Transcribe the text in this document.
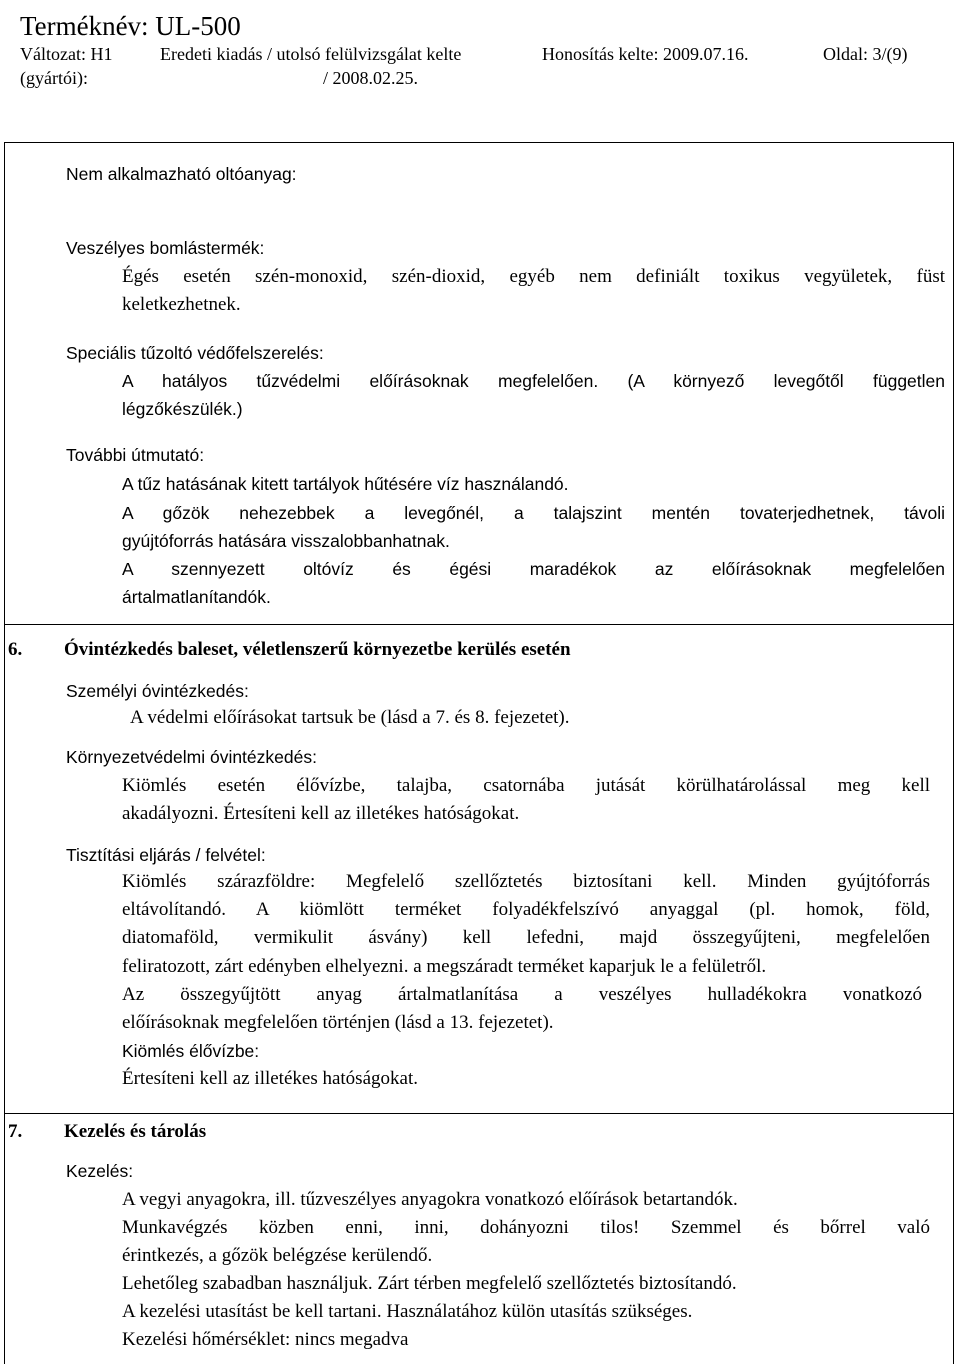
Terméknév: UL-500
Változat: H1	Eredeti kiadás / utolsó felülvizsgálat kelte	Honosítás kelte: 2009.07.16.	Oldal: 3/(9)
(gyártói):	/ 2008.02.25.
Nem alkalmazható oltóanyag:
Veszélyes bomlástermék:
Égés esetén szén-monoxid, szén-dioxid, egyéb nem definiált toxikus vegyületek, füst
keletkezhetnek.
Speciális tűzoltó védőfelszerelés:
A hatályos tűzvédelmi előírásoknak megfelelően. (A környező levegőtől független
légzőkészülék.)
További útmutató:
A tűz hatásának kitett tartályok hűtésére víz használandó.
A gőzök nehezebbek a levegőnél, a talajszint mentén tovaterjedhetnek, távoli
gyújtóforrás hatására visszalobbanhatnak.
A szennyezett oltóvíz és égési maradékok az előírásoknak megfelelően
ártalmatlanítandók.
6. Óvintézkedés baleset, véletlenszerű környezetbe kerülés esetén
Személyi óvintézkedés:
A védelmi előírásokat tartsuk be (lásd a 7. és 8. fejezetet).
Környezetvédelmi óvintézkedés:
Kiömlés esetén élővízbe, talajba, csatornába jutását körülhatárolással meg kell
akadályozni. Értesíteni kell az illetékes hatóságokat.
Tisztítási eljárás / felvétel:
Kiömlés szárazföldre: Megfelelő szellőztetés biztosítani kell. Minden gyújtóforrás
eltávolítandó. A kiömlött terméket folyadékfelszívó anyaggal (pl. homok, föld,
diatomaföld, vermikulit ásvány) kell lefedni, majd összegyűjteni, megfelelően
feliratozott, zárt edényben elhelyezni. a megszáradt terméket kaparjuk le a felületről.
Az összegyűjtött anyag ártalmatlanítása a veszélyes hulladékokra vonatkozó
előírásoknak megfelelően történjen (lásd a 13. fejezetet).
Kiömlés élővízbe:
Értesíteni kell az illetékes hatóságokat.
7. Kezelés és tárolás
Kezelés:
A vegyi anyagokra, ill. tűzveszélyes anyagokra vonatkozó előírások betartandók.
Munkavégzés közben enni, inni, dohányozni tilos! Szemmel és bőrrel való
érintkezés, a gőzök belégzése kerülendő.
Lehetőleg szabadban használjuk. Zárt térben megfelelő szellőztetés biztosítandó.
A kezelési utasítást be kell tartani. Használatához külön utasítás szükséges.
Kezelési hőmérséklet: nincs megadva
